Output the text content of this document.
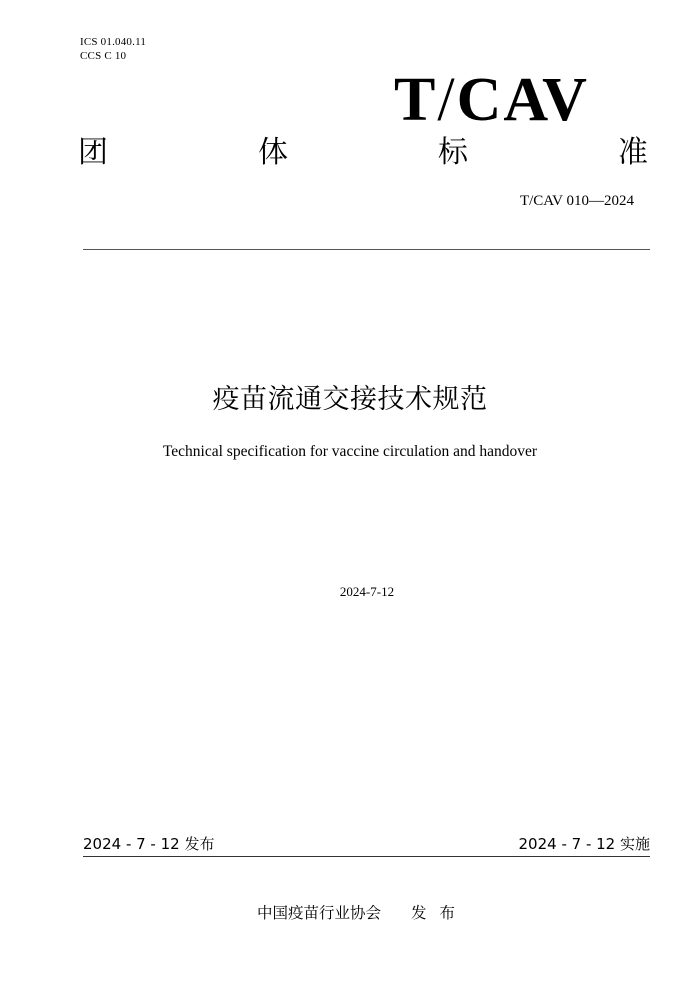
ICS 01.040.11
CCS C 10
T/CAV
团	体	标	准
T/CAV 010—2024
疫苗流通交接技术规范
Technical specification for vaccine circulation and handover
2024-7-12
2024 - 7 - 12 发布	2024 - 7 - 12 实施
中国疫苗行业协会 发 布
